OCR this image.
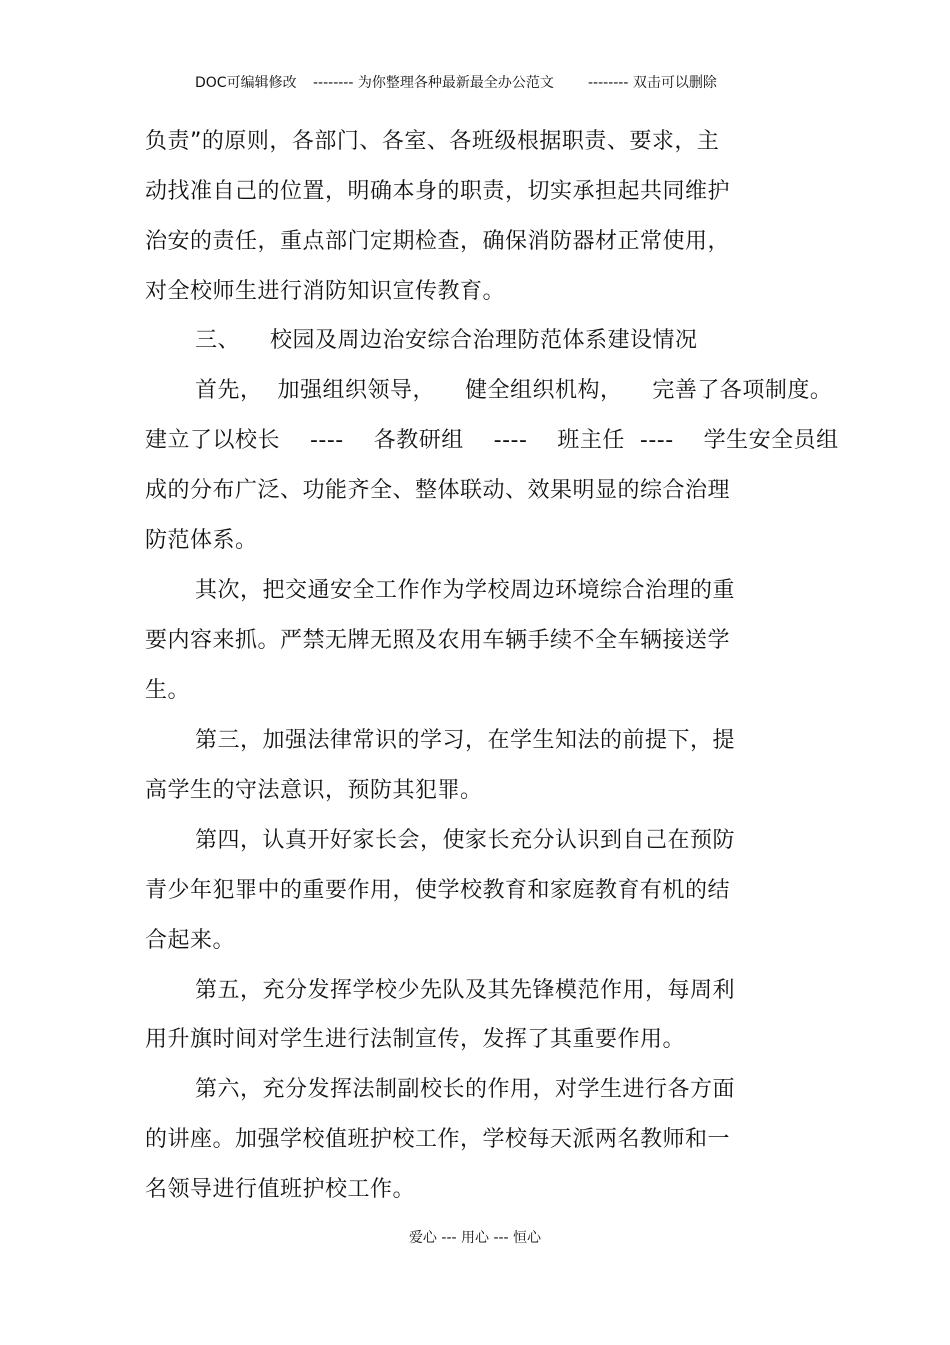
DOC可编辑修改 -------- 为你整理各种最新最全办公范文 -------- 双击可以删除
负责”的原则，各部门、各室、各班级根据职责、要求，主
动找准自己的位置，明确本身的职责，切实承担起共同维护
治安的责任，重点部门定期检查，确保消防器材正常使用，
对全校师生进行消防知识宣传教育。
三、    校园及周边治安综合治理防范体系建设情况
首先，  加强组织领导，    健全组织机构，    完善了各项制度。
建立了以校长    ----    各教研组    ----    班主任  ----    学生安全员组
成的分布广泛、功能齐全、整体联动、效果明显的综合治理
防范体系。
其次，把交通安全工作作为学校周边环境综合治理的重
要内容来抓。严禁无牌无照及农用车辆手续不全车辆接送学
生。
第三，加强法律常识的学习，在学生知法的前提下，提
高学生的守法意识，预防其犯罪。
第四，认真开好家长会，使家长充分认识到自己在预防
青少年犯罪中的重要作用，使学校教育和家庭教育有机的结
合起来。
第五，充分发挥学校少先队及其先锋模范作用，每周利
用升旗时间对学生进行法制宣传，发挥了其重要作用。
第六，充分发挥法制副校长的作用，对学生进行各方面
的讲座。加强学校值班护校工作，学校每天派两名教师和一
名领导进行值班护校工作。
爱心 --- 用心 --- 恒心
